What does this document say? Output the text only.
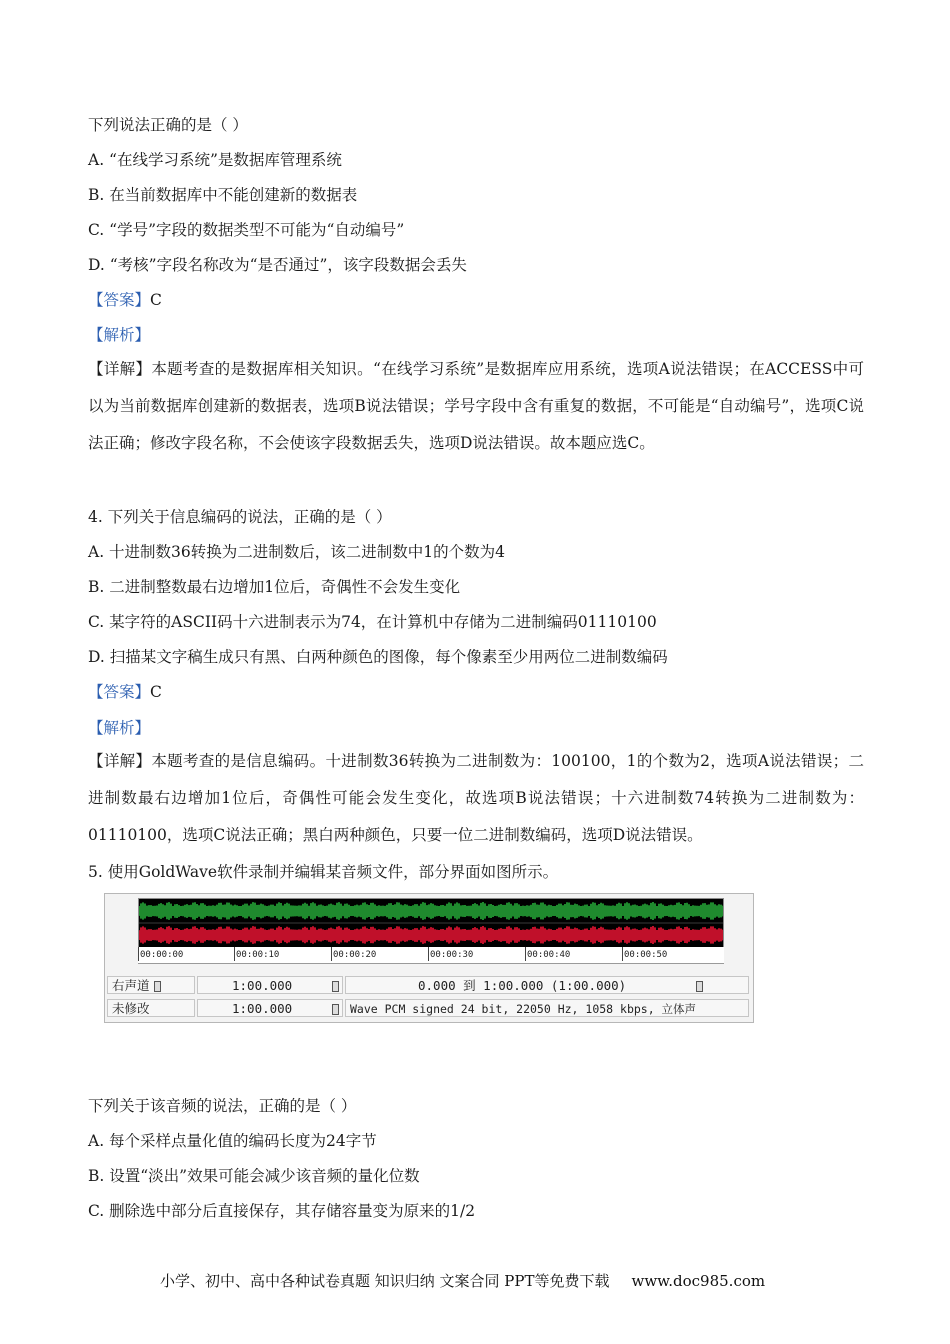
下列说法正确的是（ ）
A. “在线学习系统”是数据库管理系统
B. 在当前数据库中不能创建新的数据表
C. “学号”字段的数据类型不可能为“自动编号”
D. “考核”字段名称改为“是否通过”，该字段数据会丢失
【答案】C
【解析】
【详解】本题考查的是数据库相关知识。“在线学习系统”是数据库应用系统，选项A说法错误；在ACCESS中可以为当前数据库创建新的数据表，选项B说法错误；学号字段中含有重复的数据，不可能是“自动编号”，选项C说法正确；修改字段名称，不会使该字段数据丢失，选项D说法错误。故本题应选C。
4. 下列关于信息编码的说法，正确的是（ ）
A. 十进制数36转换为二进制数后，该二进制数中1的个数为4
B. 二进制整数最右边增加1位后，奇偶性不会发生变化
C. 某字符的ASCII码十六进制表示为74，在计算机中存储为二进制编码01110100
D. 扫描某文字稿生成只有黑、白两种颜色的图像，每个像素至少用两位二进制数编码
【答案】C
【解析】
【详解】本题考查的是信息编码。十进制数36转换为二进制数为：100100，1的个数为2，选项A说法错误；二进制数最右边增加1位后，奇偶性可能会发生变化，故选项B说法错误；十六进制数74转换为二进制数为：01110100，选项C说法正确；黑白两种颜色，只要一位二进制数编码，选项D说法错误。
5. 使用GoldWave软件录制并编辑某音频文件，部分界面如图所示。
00:00:00	00:00:10	00:00:20	00:00:30	00:00:40	00:00:50
右声道	1:00.000	0.000 到 1:00.000 (1:00.000)
未修改	1:00.000	Wave PCM signed 24 bit, 22050 Hz, 1058 kbps, 立体声
下列关于该音频的说法，正确的是（ ）
A. 每个采样点量化值的编码长度为24字节
B. 设置“淡出”效果可能会减少该音频的量化位数
C. 删除选中部分后直接保存，其存储容量变为原来的1/2
小学、初中、高中各种试卷真题 知识归纳 文案合同 PPT等免费下载 www.doc985.com
